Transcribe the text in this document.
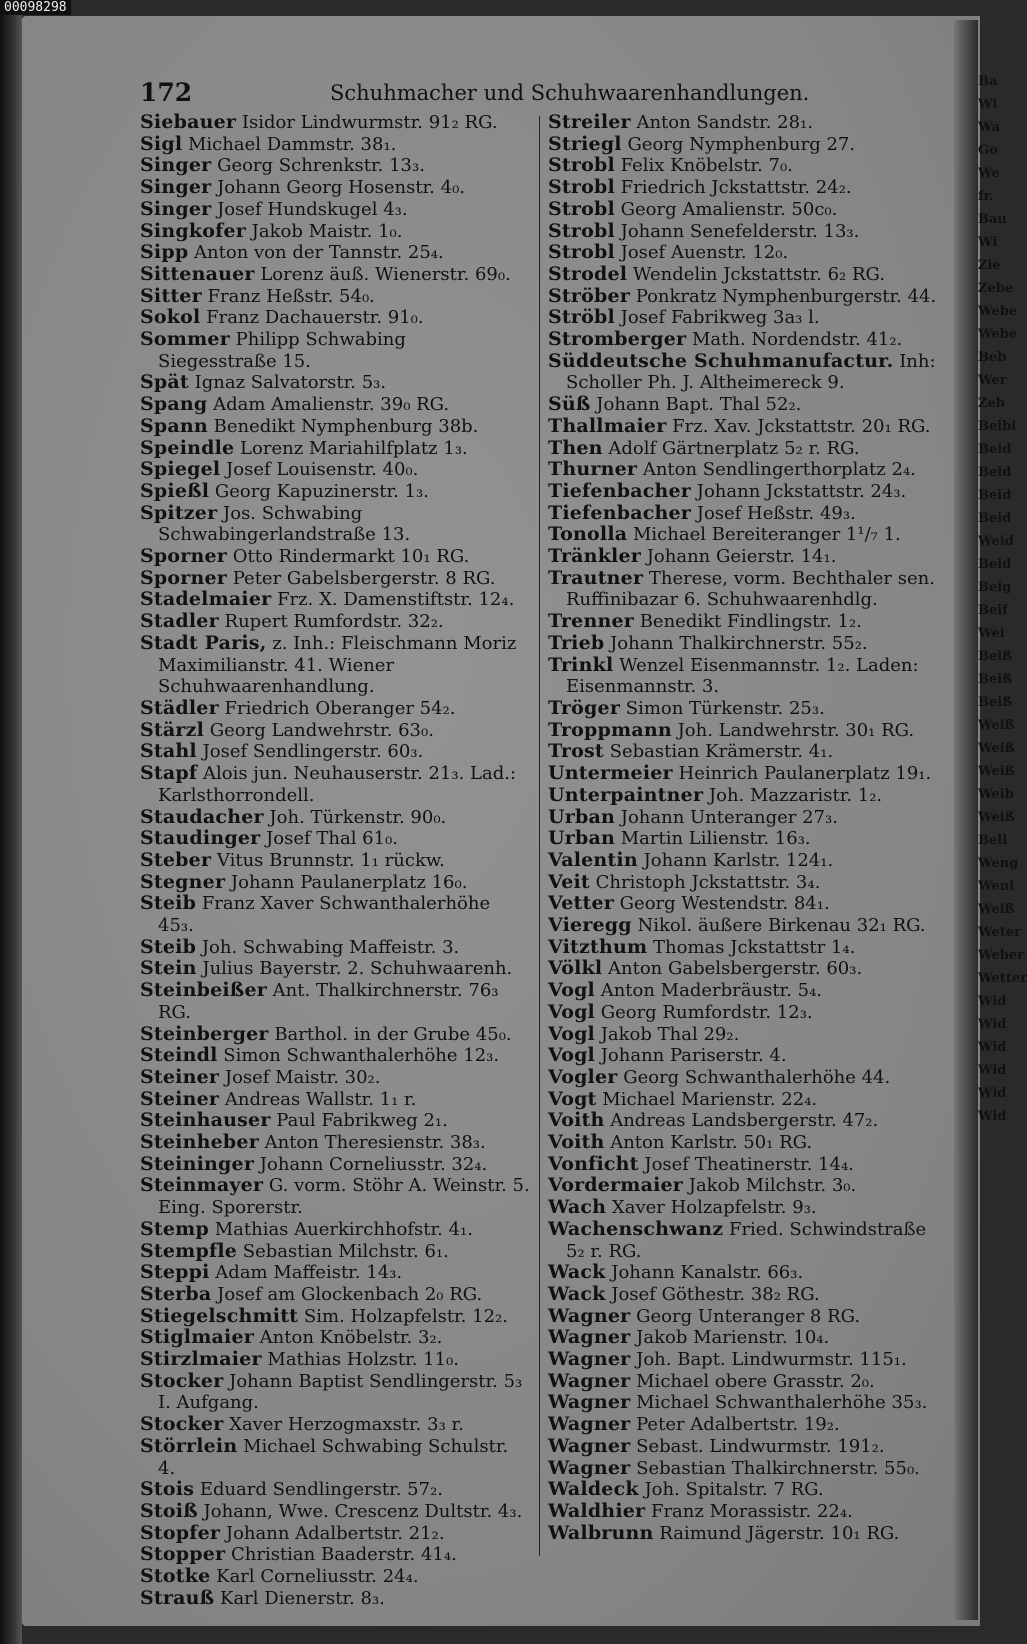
00098298
Ba
Wi
Wa
Go
We
fr.
Bau
Wi
Zie
Zebe
Webe
Webe
Beb
Wer
Zeb
Beibl
Beid
Beid
Beid
Beid
Weid
Beid
Beig
Beif
Wei
Beiß
Beiß
Beiß
Weiß
Weiß
Weiß
Weib
Weiß
Bell
Weng
Weni
Weiß
Weter
Weber
Wetter
Wid
Wid
Wid
Wid
Wid
Wid
172	Schuhmacher und Schuhwaarenhandlungen.
Siebauer Isidor Lindwurmstr. 91₂ RG.
Sigl Michael Dammstr. 38₁.
Singer Georg Schrenkstr. 13₃.
Singer Johann Georg Hosenstr. 4₀.
Singer Josef Hundskugel 4₃.
Singkofer Jakob Maistr. 1₀.
Sipp Anton von der Tannstr. 25₄.
Sittenauer Lorenz äuß. Wienerstr. 69₀.
Sitter Franz Heßstr. 54₀.
Sokol Franz Dachauerstr. 91₀.
Sommer Philipp Schwabing Siegesstraße 15.
Spät Ignaz Salvatorstr. 5₃.
Spang Adam Amalienstr. 39₀ RG.
Spann Benedikt Nymphenburg 38b.
Speindle Lorenz Mariahilfplatz 1₃.
Spiegel Josef Louisenstr. 40₀.
Spießl Georg Kapuzinerstr. 1₃.
Spitzer Jos. Schwabing Schwabingerlandstraße 13.
Sporner Otto Rindermarkt 10₁ RG.
Sporner Peter Gabelsbergerstr. 8 RG.
Stadelmaier Frz. X. Damenstiftstr. 12₄.
Stadler Rupert Rumfordstr. 32₂.
Stadt Paris, z. Inh.: Fleischmann Moriz Maximilianstr. 41. Wiener Schuhwaarenhandlung.
Städler Friedrich Oberanger 54₂.
Stärzl Georg Landwehrstr. 63₀.
Stahl Josef Sendlingerstr. 60₃.
Stapf Alois jun. Neuhauserstr. 21₃. Lad.: Karlsthorrondell.
Staudacher Joh. Türkenstr. 90₀.
Staudinger Josef Thal 61₀.
Steber Vitus Brunnstr. 1₁ rückw.
Stegner Johann Paulanerplatz 16₀.
Steib Franz Xaver Schwanthalerhöhe 45₃.
Steib Joh. Schwabing Maffeistr. 3.
Stein Julius Bayerstr. 2. Schuhwaarenh.
Steinbeißer Ant. Thalkirchnerstr. 76₃ RG.
Steinberger Barthol. in der Grube 45₀.
Steindl Simon Schwanthalerhöhe 12₃.
Steiner Josef Maistr. 30₂.
Steiner Andreas Wallstr. 1₁ r.
Steinhauser Paul Fabrikweg 2₁.
Steinheber Anton Theresienstr. 38₃.
Steininger Johann Corneliusstr. 32₄.
Steinmayer G. vorm. Stöhr A. Weinstr. 5. Eing. Sporerstr.
Stemp Mathias Auerkirchhofstr. 4₁.
Stempfle Sebastian Milchstr. 6₁.
Steppi Adam Maffeistr. 14₃.
Sterba Josef am Glockenbach 2₀ RG.
Stiegelschmitt Sim. Holzapfelstr. 12₂.
Stiglmaier Anton Knöbelstr. 3₂.
Stirzlmaier Mathias Holzstr. 11₀.
Stocker Johann Baptist Sendlingerstr. 5₃ I. Aufgang.
Stocker Xaver Herzogmaxstr. 3₃ r.
Störrlein Michael Schwabing Schulstr. 4.
Stois Eduard Sendlingerstr. 57₂.
Stoiß Johann, Wwe. Crescenz Dultstr. 4₃.
Stopfer Johann Adalbertstr. 21₂.
Stopper Christian Baaderstr. 41₄.
Stotke Karl Corneliusstr. 24₄.
Strauß Karl Dienerstr. 8₃.
Streiler Anton Sandstr. 28₁.
Striegl Georg Nymphenburg 27.
Strobl Felix Knöbelstr. 7₀.
Strobl Friedrich Jckstattstr. 24₂.
Strobl Georg Amalienstr. 50c₀.
Strobl Johann Senefelderstr. 13₃.
Strobl Josef Auenstr. 12₀.
Strodel Wendelin Jckstattstr. 6₂ RG.
Ströber Ponkratz Nymphenburgerstr. 44.
Ströbl Josef Fabrikweg 3a₃ l.
Stromberger Math. Nordendstr. 41₂.
Süddeutsche Schuhmanufactur. Inh: Scholler Ph. J. Altheimereck 9.
Süß Johann Bapt. Thal 52₂.
Thallmaier Frz. Xav. Jckstattstr. 20₁ RG.
Then Adolf Gärtnerplatz 5₂ r. RG.
Thurner Anton Sendlingerthorplatz 2₄.
Tiefenbacher Johann Jckstattstr. 24₃.
Tiefenbacher Josef Heßstr. 49₃.
Tonolla Michael Bereiteranger 1¹/₇ 1.
Tränkler Johann Geierstr. 14₁.
Trautner Therese, vorm. Bechthaler sen. Ruffinibazar 6. Schuhwaarenhdlg.
Trenner Benedikt Findlingstr. 1₂.
Trieb Johann Thalkirchnerstr. 55₂.
Trinkl Wenzel Eisenmannstr. 1₂. Laden: Eisenmannstr. 3.
Tröger Simon Türkenstr. 25₃.
Troppmann Joh. Landwehrstr. 30₁ RG.
Trost Sebastian Krämerstr. 4₁.
Untermeier Heinrich Paulanerplatz 19₁.
Unterpaintner Joh. Mazzaristr. 1₂.
Urban Johann Unteranger 27₃.
Urban Martin Lilienstr. 16₃.
Valentin Johann Karlstr. 124₁.
Veit Christoph Jckstattstr. 3₄.
Vetter Georg Westendstr. 84₁.
Vieregg Nikol. äußere Birkenau 32₁ RG.
Vitzthum Thomas Jckstattstr 1₄.
Völkl Anton Gabelsbergerstr. 60₃.
Vogl Anton Maderbräustr. 5₄.
Vogl Georg Rumfordstr. 12₃.
Vogl Jakob Thal 29₂.
Vogl Johann Pariserstr. 4.
Vogler Georg Schwanthalerhöhe 44.
Vogt Michael Marienstr. 22₄.
Voith Andreas Landsbergerstr. 47₂.
Voith Anton Karlstr. 50₁ RG.
Vonficht Josef Theatinerstr. 14₄.
Vordermaier Jakob Milchstr. 3₀.
Wach Xaver Holzapfelstr. 9₃.
Wachenschwanz Fried. Schwindstraße 5₂ r. RG.
Wack Johann Kanalstr. 66₃.
Wack Josef Göthestr. 38₂ RG.
Wagner Georg Unteranger 8 RG.
Wagner Jakob Marienstr. 10₄.
Wagner Joh. Bapt. Lindwurmstr. 115₁.
Wagner Michael obere Grasstr. 2₀.
Wagner Michael Schwanthalerhöhe 35₃.
Wagner Peter Adalbertstr. 19₂.
Wagner Sebast. Lindwurmstr. 191₂.
Wagner Sebastian Thalkirchnerstr. 55₀.
Waldeck Joh. Spitalstr. 7 RG.
Waldhier Franz Morassistr. 22₄.
Walbrunn Raimund Jägerstr. 10₁ RG.
